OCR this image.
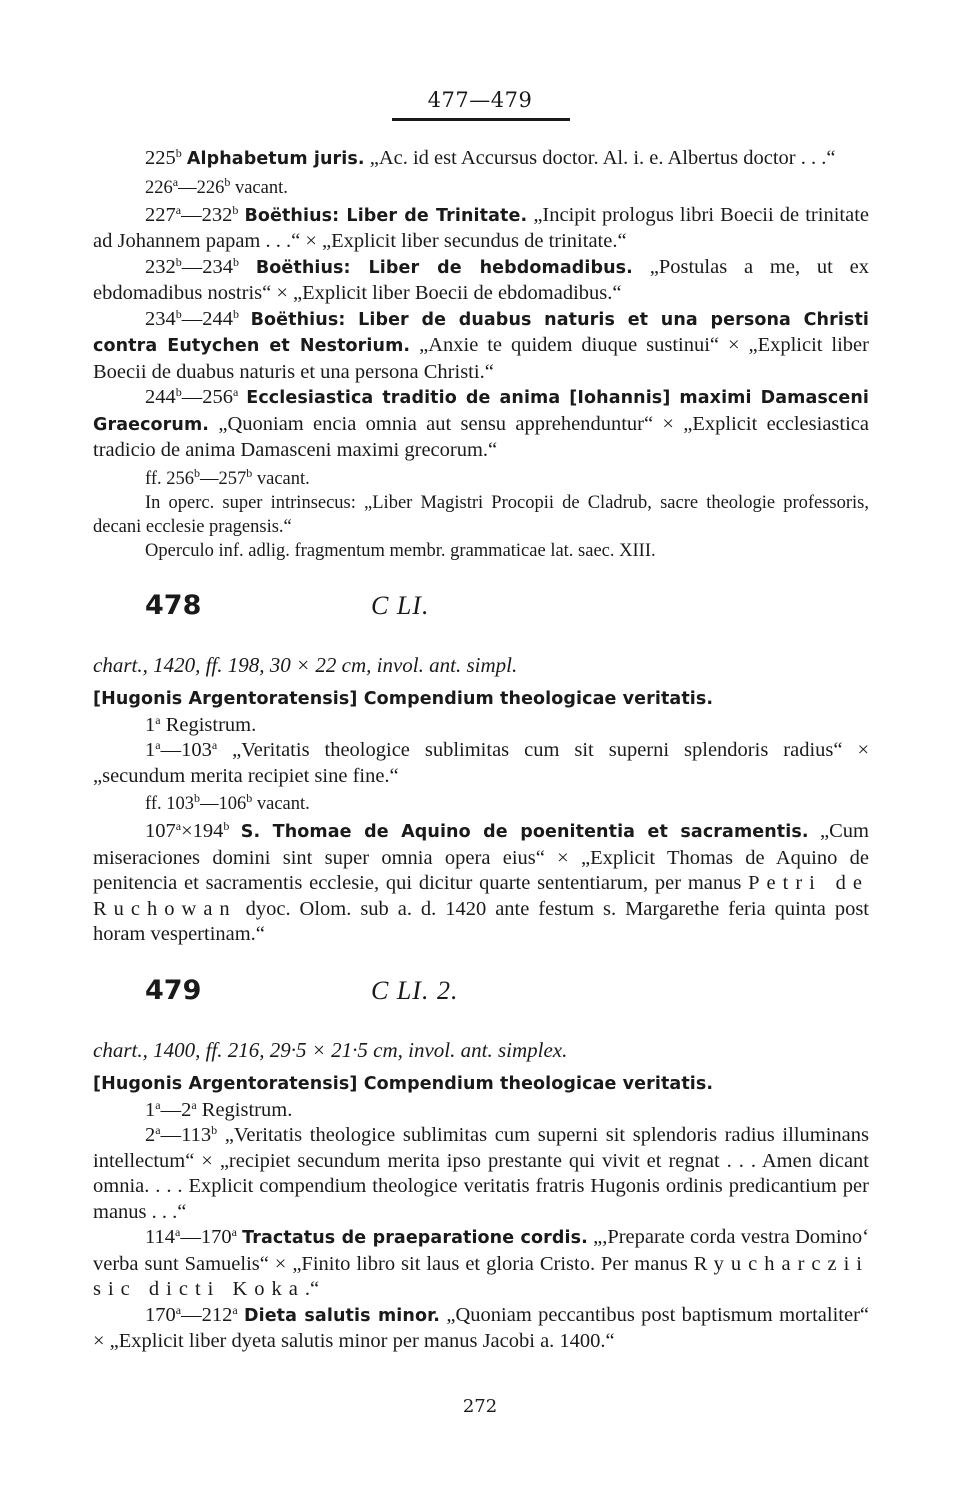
477—479

225$^b$ Alphabetum juris. „Ac. id est Accursus doctor. Al. i. e. Albertus doctor . . .“

226$^a$—226$^b$ vacant.

227$^a$—232$^b$ Boëthius: Liber de Trinitate. „Incipit prologus libri Boecii de trinitate ad Johannem papam . . .“ × „Explicit liber secundus de trinitate.“

232$^b$—234$^b$ Boëthius: Liber de hebdomadibus. „Postulas a me, ut ex ebdomadibus nostris“ × „Explicit liber Boecii de ebdomadibus.“

234$^b$—244$^b$ Boëthius: Liber de duabus naturis et una persona Christi contra Eutychen et Nestorium. „Anxie te quidem diuque sustinui“ × „Explicit liber Boecii de duabus naturis et una persona Christi.“

244$^b$—256$^a$ Ecclesiastica traditio de anima [Iohannis] maximi Damasceni Graecorum. „Quoniam encia omnia aut sensu apprehenduntur“ × „Explicit ecclesiastica tradicio de anima Damasceni maximi grecorum.“

ff. 256$^b$—257$^b$ vacant.

In operc. super intrinsecus: „Liber Magistri Procopii de Cladrub, sacre theologie professoris, decani ecclesie pragensis.“

Operculo inf. adlig. fragmentum membr. grammaticae lat. saec. XIII.

478	C LI.

chart., 1420, ff. 198, 30 × 22 cm, invol. ant. simpl.

[Hugonis Argentoratensis] Compendium theologicae veritatis.

1$^a$ Registrum.

1$^a$—103$^a$ „Veritatis theologice sublimitas cum sit superni splendoris radius“ × „secundum merita recipiet sine fine.“

ff. 103$^b$—106$^b$ vacant.

$107^a\times 194^b$ S. Thomae de Aquino de poenitentia et sacramentis. „Cum miseraciones domini sint super omnia opera eius“ × „Explicit Thomas de Aquino de penitencia et sacramentis ecclesie, qui dicitur quarte sententiarum, per manus Petri de Ruchowan dyoc. Olom. sub a. d. 1420 ante festum s. Margarethe feria quinta post horam vespertinam.“

479	C LI. 2.

chart., 1400, ff. 216, 29·5 × 21·5 cm, invol. ant. simplex.

[Hugonis Argentoratensis] Compendium theologicae veritatis.

1$^a$—2$^a$ Registrum.

2$^a$—113$^b$ „Veritatis theologice sublimitas cum superni sit splendoris radius illuminans intellectum“ × „recipiet secundum merita ipso prestante qui vivit et regnat . . . Amen dicant omnia. . . . Explicit compendium theologice veritatis fratris Hugonis ordinis predicantium per manus . . .“

114$^a$—170$^a$ Tractatus de praeparatione cordis. „,Preparate corda vestra Domino‘ verba sunt Samuelis“ × „Finito libro sit laus et gloria Cristo. Per manus Ryucharczii sic dicti Koka.“

170$^a$—212$^a$ Dieta salutis minor. „Quoniam peccantibus post baptismum mortaliter“ × „Explicit liber dyeta salutis minor per manus Jacobi a. 1400.“

272
